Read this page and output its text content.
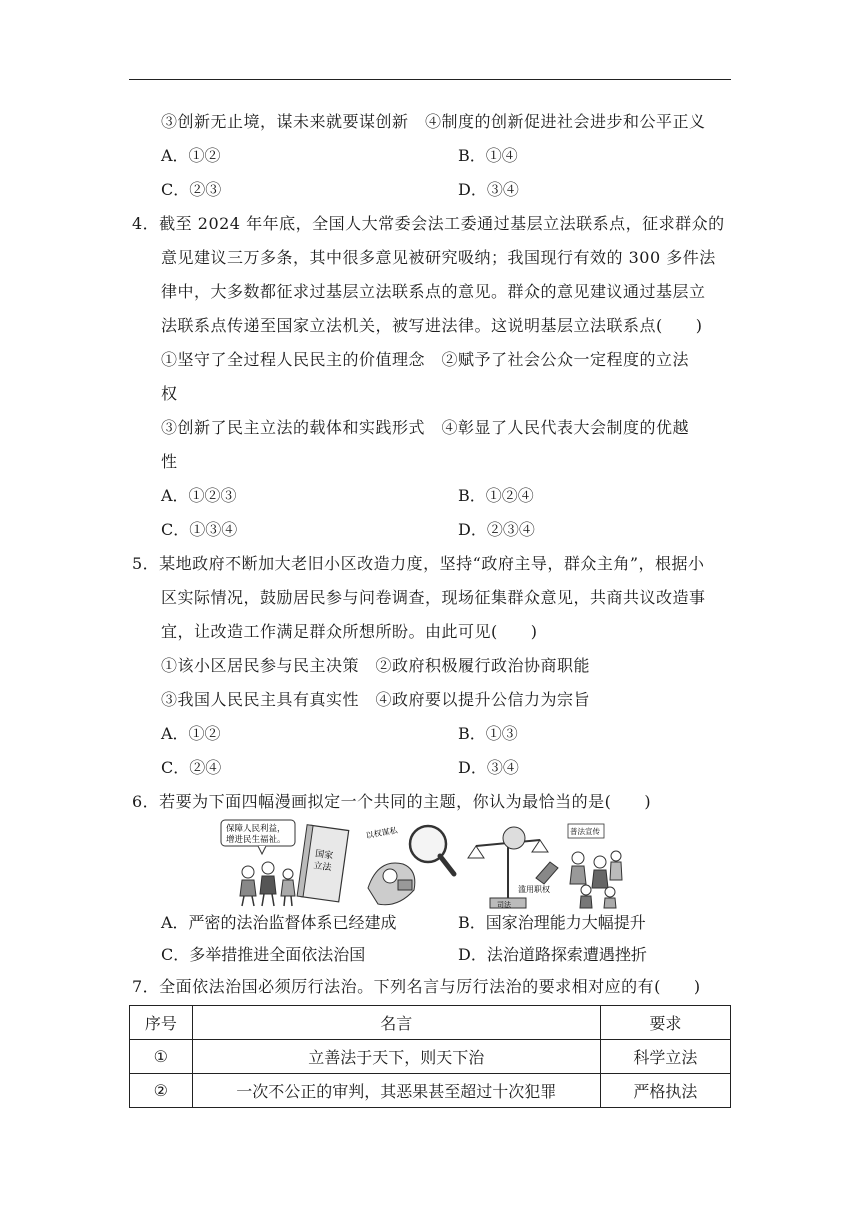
③创新无止境，谋未来就要谋创新　④制度的创新促进社会进步和公平正义
A．①②	B．①④
C．②③	D．③④
4．截至 2024 年年底，全国人大常委会法工委通过基层立法联系点，征求群众的
意见建议三万多条，其中很多意见被研究吸纳；我国现行有效的 300 多件法
律中，大多数都征求过基层立法联系点的意见。群众的意见建议通过基层立
法联系点传递至国家立法机关，被写进法律。这说明基层立法联系点(　　)
①坚守了全过程人民民主的价值理念　②赋予了社会公众一定程度的立法
权
③创新了民主立法的载体和实践形式　④彰显了人民代表大会制度的优越
性
A．①②③	B．①②④
C．①③④	D．②③④
5．某地政府不断加大老旧小区改造力度，坚持“政府主导，群众主角”，根据小
区实际情况，鼓励居民参与问卷调查，现场征集群众意见，共商共议改造事
宜，让改造工作满足群众所想所盼。由此可见(　　)
①该小区居民参与民主决策　②政府积极履行政治协商职能
③我国人民民主具有真实性　④政府要以提升公信力为宗旨
A．①②	B．①③
C．②④	D．③④
6．若要为下面四幅漫画拟定一个共同的主题，你认为最恰当的是(　　)
保障人民利益，
增进民生福祉。
国家
立法
以权谋私
司法
滥用职权
普法宣传
A．严密的法治监督体系已经建成	B．国家治理能力大幅提升
C．多举措推进全面依法治国	D．法治道路探索遭遇挫折
7．全面依法治国必须厉行法治。下列名言与厉行法治的要求相对应的有(　　)
序号	名言	要求
①	立善法于天下，则天下治	科学立法
②	一次不公正的审判，其恶果甚至超过十次犯罪	严格执法
